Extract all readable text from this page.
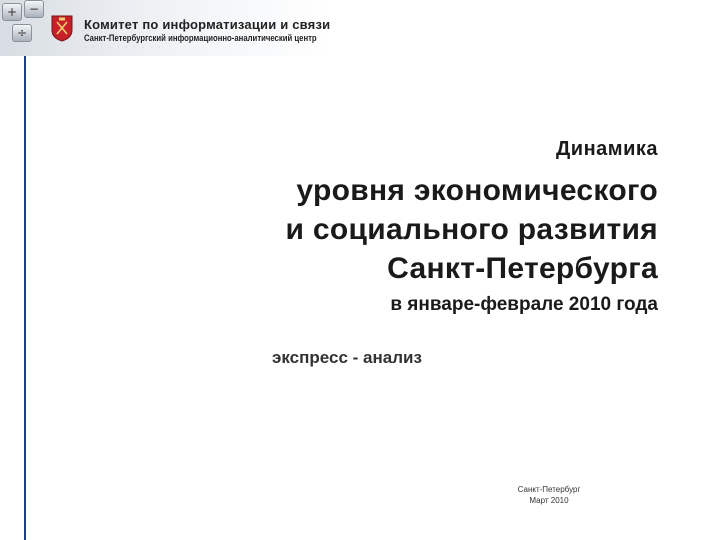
+ −
÷
Комитет по информатизации и связи
Санкт-Петербургский информационно-аналитический центр
· · · · · · · · · ·
Динамика
уровня экономического
и социального развития
Санкт-Петербурга
в январе-феврале 2010 года
экспресс - анализ
Санкт-Петербург
Март 2010
